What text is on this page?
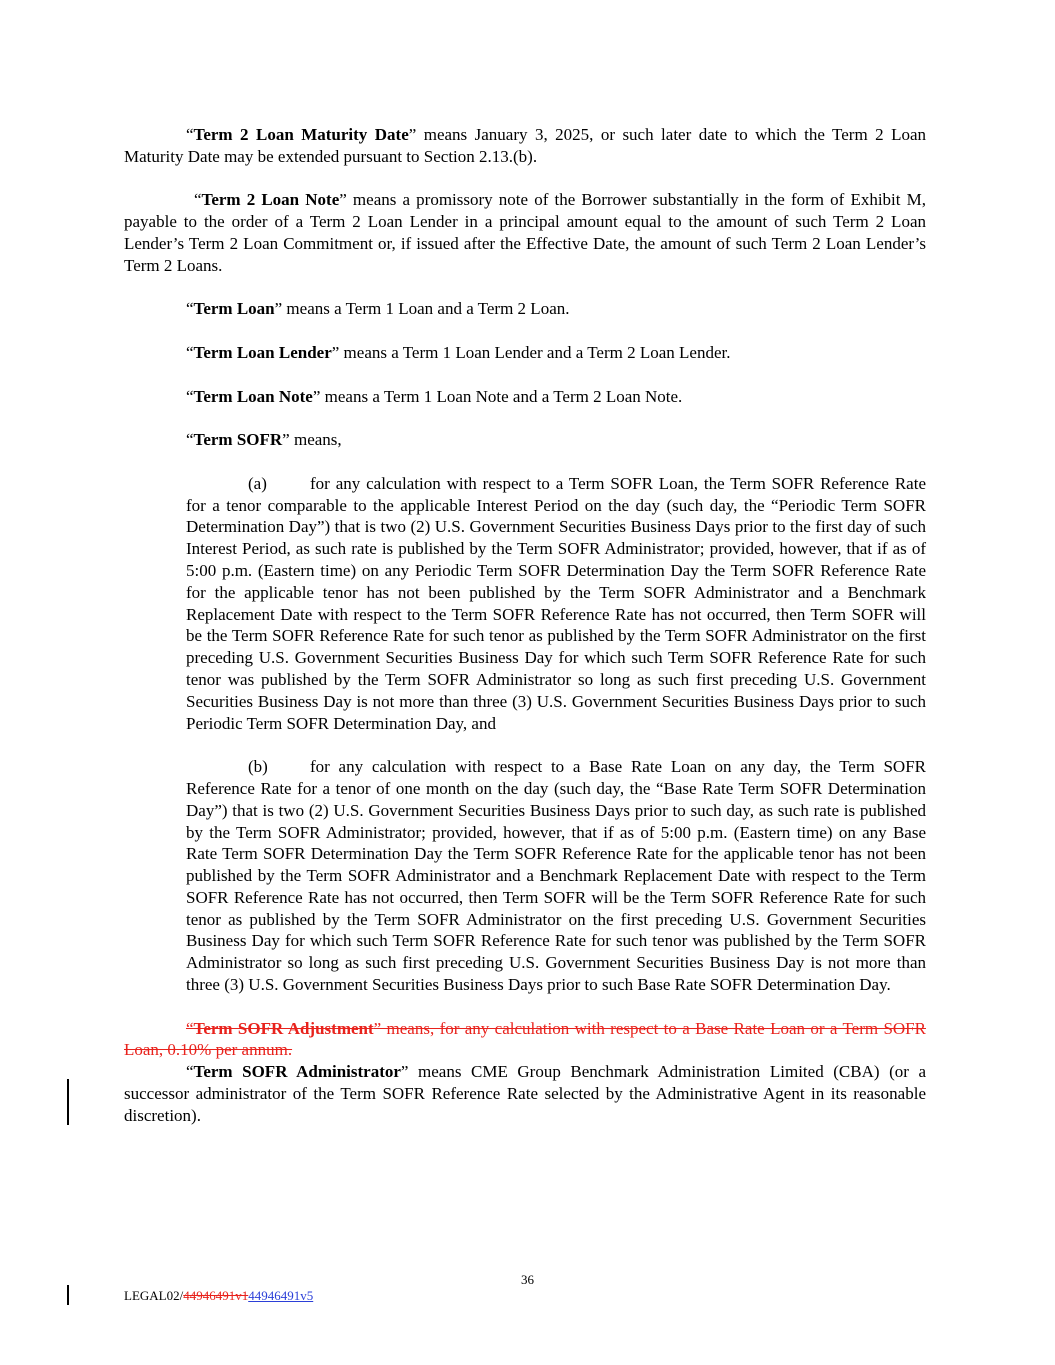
“Term 2 Loan Maturity Date” means January 3, 2025, or such later date to which the Term 2 Loan Maturity Date may be extended pursuant to Section 2.13.(b).

“Term 2 Loan Note” means a promissory note of the Borrower substantially in the form of Exhibit M, payable to the order of a Term 2 Loan Lender in a principal amount equal to the amount of such Term 2 Loan Lender’s Term 2 Loan Commitment or, if issued after the Effective Date, the amount of such Term 2 Loan Lender’s Term 2 Loans.

“Term Loan” means a Term 1 Loan and a Term 2 Loan.

“Term Loan Lender” means a Term 1 Loan Lender and a Term 2 Loan Lender.

“Term Loan Note” means a Term 1 Loan Note and a Term 2 Loan Note.

“Term SOFR” means,

(a)	for any calculation with respect to a Term SOFR Loan, the Term SOFR Reference Rate for a tenor comparable to the applicable Interest Period on the day (such day, the “Periodic Term SOFR Determination Day”) that is two (2) U.S. Government Securities Business Days prior to the first day of such Interest Period, as such rate is published by the Term SOFR Administrator; provided, however, that if as of 5:00 p.m. (Eastern time) on any Periodic Term SOFR Determination Day the Term SOFR Reference Rate for the applicable tenor has not been published by the Term SOFR Administrator and a Benchmark Replacement Date with respect to the Term SOFR Reference Rate has not occurred, then Term SOFR will be the Term SOFR Reference Rate for such tenor as published by the Term SOFR Administrator on the first preceding U.S. Government Securities Business Day for which such Term SOFR Reference Rate for such tenor was published by the Term SOFR Administrator so long as such first preceding U.S. Government Securities Business Day is not more than three (3) U.S. Government Securities Business Days prior to such Periodic Term SOFR Determination Day, and

(b) for any calculation with respect to a Base Rate Loan on any day, the Term SOFR Reference Rate for a tenor of one month on the day (such day, the “Base Rate Term SOFR Determination Day”) that is two (2) U.S. Government Securities Business Days prior to such day, as such rate is published by the Term SOFR Administrator; provided, however, that if as of 5:00 p.m. (Eastern time) on any Base Rate Term SOFR Determination Day the Term SOFR Reference Rate for the applicable tenor has not been published by the Term SOFR Administrator and a Benchmark Replacement Date with respect to the Term SOFR Reference Rate has not occurred, then Term SOFR will be the Term SOFR Reference Rate for such tenor as published by the Term SOFR Administrator on the first preceding U.S. Government Securities Business Day for which such Term SOFR Reference Rate for such tenor was published by the Term SOFR Administrator so long as such first preceding U.S. Government Securities Business Day is not more than three (3) U.S. Government Securities Business Days prior to such Base Rate SOFR Determination Day.

“Term SOFR Adjustment” means, for any calculation with respect to a Base Rate Loan or a Term SOFR Loan, 0.10% per annum.

“Term SOFR Administrator” means CME Group Benchmark Administration Limited (CBA) (or a successor administrator of the Term SOFR Reference Rate selected by the Administrative Agent in its reasonable discretion).

36
LEGAL02/44946491v144946491v5
